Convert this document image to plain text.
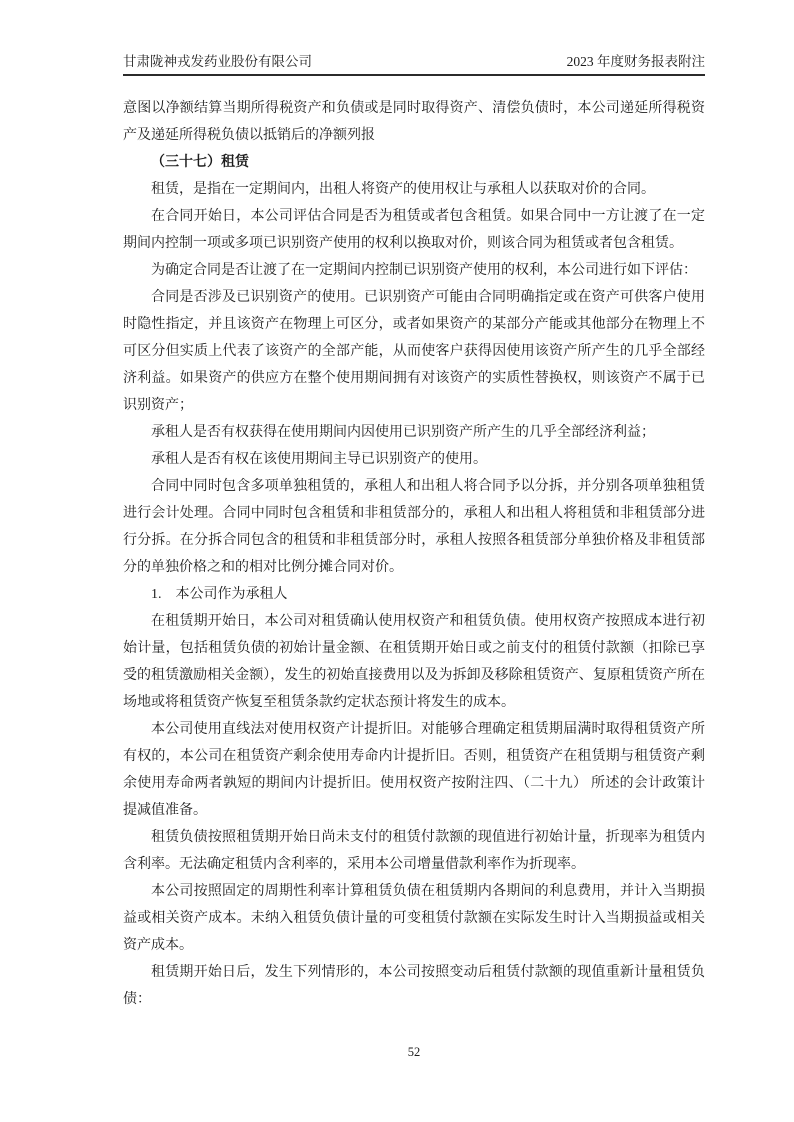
甘肃陇神戎发药业股份有限公司	2023 年度财务报表附注

意图以净额结算当期所得税资产和负债或是同时取得资产、清偿负债时，本公司递延所得税资产及递延所得税负债以抵销后的净额列报

（三十七）租赁

租赁，是指在一定期间内，出租人将资产的使用权让与承租人以获取对价的合同。

在合同开始日，本公司评估合同是否为租赁或者包含租赁。如果合同中一方让渡了在一定期间内控制一项或多项已识别资产使用的权利以换取对价，则该合同为租赁或者包含租赁。

为确定合同是否让渡了在一定期间内控制已识别资产使用的权利，本公司进行如下评估：

合同是否涉及已识别资产的使用。已识别资产可能由合同明确指定或在资产可供客户使用时隐性指定，并且该资产在物理上可区分，或者如果资产的某部分产能或其他部分在物理上不可区分但实质上代表了该资产的全部产能，从而使客户获得因使用该资产所产生的几乎全部经济利益。如果资产的供应方在整个使用期间拥有对该资产的实质性替换权，则该资产不属于已识别资产；

承租人是否有权获得在使用期间内因使用已识别资产所产生的几乎全部经济利益；

承租人是否有权在该使用期间主导已识别资产的使用。

合同中同时包含多项单独租赁的，承租人和出租人将合同予以分拆，并分别各项单独租赁进行会计处理。合同中同时包含租赁和非租赁部分的，承租人和出租人将租赁和非租赁部分进行分拆。在分拆合同包含的租赁和非租赁部分时，承租人按照各租赁部分单独价格及非租赁部分的单独价格之和的相对比例分摊合同对价。

1.　本公司作为承租人

在租赁期开始日，本公司对租赁确认使用权资产和租赁负债。使用权资产按照成本进行初始计量，包括租赁负债的初始计量金额、在租赁期开始日或之前支付的租赁付款额（扣除已享受的租赁激励相关金额），发生的初始直接费用以及为拆卸及移除租赁资产、复原租赁资产所在场地或将租赁资产恢复至租赁条款约定状态预计将发生的成本。

本公司使用直线法对使用权资产计提折旧。对能够合理确定租赁期届满时取得租赁资产所有权的，本公司在租赁资产剩余使用寿命内计提折旧。否则，租赁资产在租赁期与租赁资产剩余使用寿命两者孰短的期间内计提折旧。使用权资产按附注四、（二十九） 所述的会计政策计提减值准备。

租赁负债按照租赁期开始日尚未支付的租赁付款额的现值进行初始计量，折现率为租赁内含利率。无法确定租赁内含利率的，采用本公司增量借款利率作为折现率。

本公司按照固定的周期性利率计算租赁负债在租赁期内各期间的利息费用，并计入当期损益或相关资产成本。未纳入租赁负债计量的可变租赁付款额在实际发生时计入当期损益或相关资产成本。

租赁期开始日后，发生下列情形的，本公司按照变动后租赁付款额的现值重新计量租赁负债：

52
